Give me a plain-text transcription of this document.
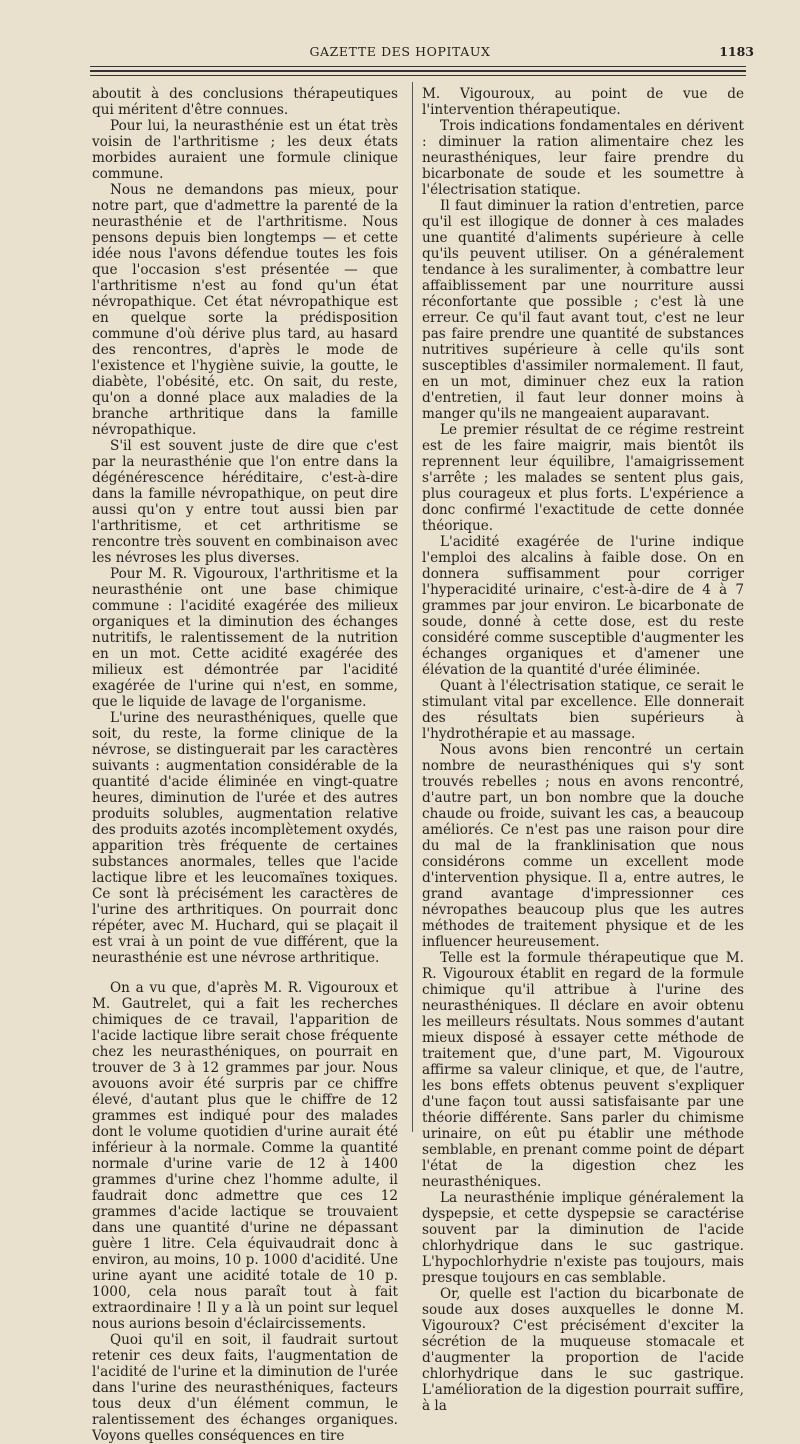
GAZETTE DES HOPITAUX	1183

aboutit à des conclusions thérapeutiques qui méritent d'être connues.

Pour lui, la neurasthénie est un état très voisin de l'arthritisme ; les deux états morbides auraient une formule clinique commune.

Nous ne demandons pas mieux, pour notre part, que d'admettre la parenté de la neurasthénie et de l'arthritisme. Nous pensons depuis bien longtemps — et cette idée nous l'avons défendue toutes les fois que l'occasion s'est présentée — que l'arthritisme n'est au fond qu'un état névropathique. Cet état névropathique est en quelque sorte la prédisposition commune d'où dérive plus tard, au hasard des rencontres, d'après le mode de l'existence et l'hygiène suivie, la goutte, le diabète, l'obésité, etc. On sait, du reste, qu'on a donné place aux maladies de la branche arthritique dans la famille névropathique.

S'il est souvent juste de dire que c'est par la neurasthénie que l'on entre dans la dégénérescence héréditaire, c'est-à-dire dans la famille névropathique, on peut dire aussi qu'on y entre tout aussi bien par l'arthritisme, et cet arthritisme se rencontre très souvent en combinaison avec les névroses les plus diverses.

Pour M. R. Vigouroux, l'arthritisme et la neurasthénie ont une base chimique commune : l'acidité exagérée des milieux organiques et la diminution des échanges nutritifs, le ralentissement de la nutrition en un mot. Cette acidité exagérée des milieux est démontrée par l'acidité exagérée de l'urine qui n'est, en somme, que le liquide de lavage de l'organisme.

L'urine des neurasthéniques, quelle que soit, du reste, la forme clinique de la névrose, se distinguerait par les caractères suivants : augmentation considérable de la quantité d'acide éliminée en vingt-quatre heures, diminution de l'urée et des autres produits solubles, augmentation relative des produits azotés incomplètement oxydés, apparition très fréquente de certaines substances anormales, telles que l'acide lactique libre et les leucomaïnes toxiques. Ce sont là précisément les caractères de l'urine des arthritiques. On pourrait donc répéter, avec M. Huchard, qui se plaçait il est vrai à un point de vue différent, que la neurasthénie est une névrose arthritique.

On a vu que, d'après M. R. Vigouroux et M. Gautrelet, qui a fait les recherches chimiques de ce travail, l'apparition de l'acide lactique libre serait chose fréquente chez les neurasthéniques, on pourrait en trouver de 3 à 12 grammes par jour. Nous avouons avoir été surpris par ce chiffre élevé, d'autant plus que le chiffre de 12 grammes est indiqué pour des malades dont le volume quotidien d'urine aurait été inférieur à la normale. Comme la quantité normale d'urine varie de 12 à 1400 grammes d'urine chez l'homme adulte, il faudrait donc admettre que ces 12 grammes d'acide lactique se trouvaient dans une quantité d'urine ne dépassant guère 1 litre. Cela équivaudrait donc à environ, au moins, 10 p. 1000 d'acidité. Une urine ayant une acidité totale de 10 p. 1000, cela nous paraît tout à fait extraordinaire ! Il y a là un point sur lequel nous aurions besoin d'éclaircissements.

Quoi qu'il en soit, il faudrait surtout retenir ces deux faits, l'augmentation de l'acidité de l'urine et la diminution de l'urée dans l'urine des neurasthéniques, facteurs tous deux d'un élément commun, le ralentissement des échanges organiques. Voyons quelles conséquences en tire

M. Vigouroux, au point de vue de l'intervention thérapeutique.

Trois indications fondamentales en dérivent : diminuer la ration alimentaire chez les neurasthéniques, leur faire prendre du bicarbonate de soude et les soumettre à l'électrisation statique.

Il faut diminuer la ration d'entretien, parce qu'il est illogique de donner à ces malades une quantité d'aliments supérieure à celle qu'ils peuvent utiliser. On a généralement tendance à les suralimenter, à combattre leur affaiblissement par une nourriture aussi réconfortante que possible ; c'est là une erreur. Ce qu'il faut avant tout, c'est ne leur pas faire prendre une quantité de substances nutritives supérieure à celle qu'ils sont susceptibles d'assimiler normalement. Il faut, en un mot, diminuer chez eux la ration d'entretien, il faut leur donner moins à manger qu'ils ne mangeaient auparavant.

Le premier résultat de ce régime restreint est de les faire maigrir, mais bientôt ils reprennent leur équilibre, l'amaigrissement s'arrête ; les malades se sentent plus gais, plus courageux et plus forts. L'expérience a donc confirmé l'exactitude de cette donnée théorique.

L'acidité exagérée de l'urine indique l'emploi des alcalins à faible dose. On en donnera suffisamment pour corriger l'hyperacidité urinaire, c'est-à-dire de 4 à 7 grammes par jour environ. Le bicarbonate de soude, donné à cette dose, est du reste considéré comme susceptible d'augmenter les échanges organiques et d'amener une élévation de la quantité d'urée éliminée.

Quant à l'électrisation statique, ce serait le stimulant vital par excellence. Elle donnerait des résultats bien supérieurs à l'hydrothérapie et au massage.

Nous avons bien rencontré un certain nombre de neurasthéniques qui s'y sont trouvés rebelles ; nous en avons rencontré, d'autre part, un bon nombre que la douche chaude ou froide, suivant les cas, a beaucoup améliorés. Ce n'est pas une raison pour dire du mal de la franklinisation que nous considérons comme un excellent mode d'intervention physique. Il a, entre autres, le grand avantage d'impressionner ces névropathes beaucoup plus que les autres méthodes de traitement physique et de les influencer heureusement.

Telle est la formule thérapeutique que M. R. Vigouroux établit en regard de la formule chimique qu'il attribue à l'urine des neurasthéniques. Il déclare en avoir obtenu les meilleurs résultats. Nous sommes d'autant mieux disposé à essayer cette méthode de traitement que, d'une part, M. Vigouroux affirme sa valeur clinique, et que, de l'autre, les bons effets obtenus peuvent s'expliquer d'une façon tout aussi satisfaisante par une théorie différente. Sans parler du chimisme urinaire, on eût pu établir une méthode semblable, en prenant comme point de départ l'état de la digestion chez les neurasthéniques.

La neurasthénie implique généralement la dyspepsie, et cette dyspepsie se caractérise souvent par la diminution de l'acide chlorhydrique dans le suc gastrique. L'hypochlorhydrie n'existe pas toujours, mais presque toujours en cas semblable.

Or, quelle est l'action du bicarbonate de soude aux doses auxquelles le donne M. Vigouroux? C'est précisément d'exciter la sécrétion de la muqueuse stomacale et d'augmenter la proportion de l'acide chlorhydrique dans le suc gastrique. L'amélioration de la digestion pourrait suffire, à la
